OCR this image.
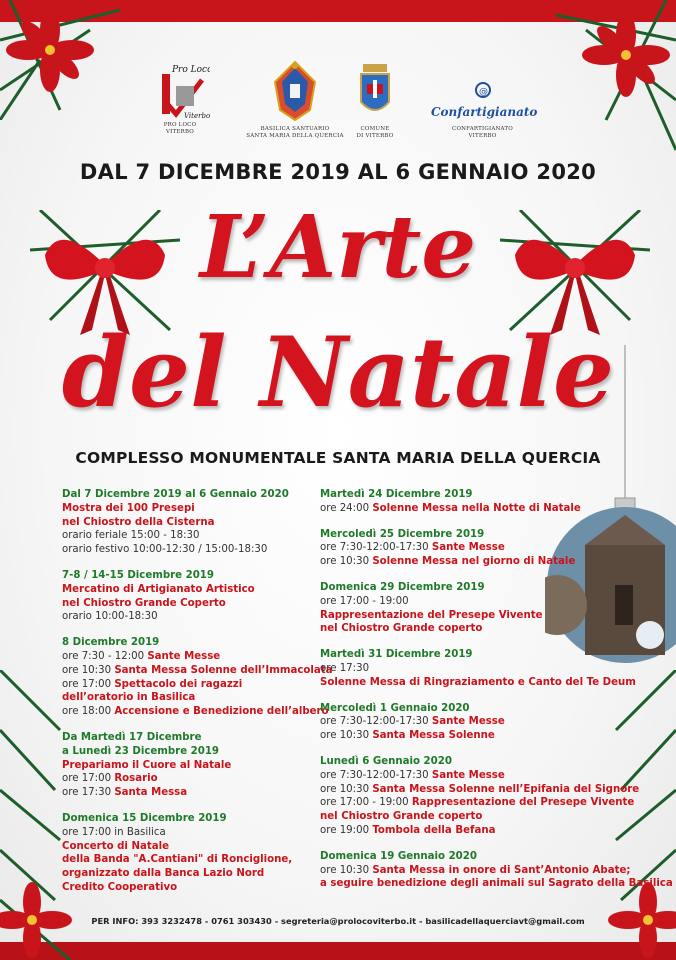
Pro Loco
Viterbo
PRO LOCO
VITERBO	BASILICA SANTUARIO
SANTA MARIA DELLA QUERCIA
COMUNE
DI VITERBO
@
Confartigianato
CONFARTIGIANATO
VITERBO
DAL 7 DICEMBRE 2019 AL 6 GENNAIO 2020
L’Arte
del Natale
COMPLESSO MONUMENTALE SANTA MARIA DELLA QUERCIA
Dal 7 Dicembre 2019 al 6 Gennaio 2020
Mostra dei 100 Presepi
nel Chiostro della Cisterna
orario feriale 15:00 - 18:30
orario festivo 10:00-12:30 / 15:00-18:30
7-8 / 14-15 Dicembre 2019
Mercatino di Artigianato Artistico
nel Chiostro Grande Coperto
orario 10:00-18:30
8 Dicembre 2019
ore 7:30 - 12:00 Sante Messe
ore 10:30 Santa Messa Solenne dell’Immacolata
ore 17:00 Spettacolo dei ragazzi
dell’oratorio in Basilica
ore 18:00 Accensione e Benedizione dell’albero
Da Martedì 17 Dicembre
a Lunedì 23 Dicembre 2019
Prepariamo il Cuore al Natale
ore 17:00 Rosario
ore 17:30 Santa Messa
Domenica 15 Dicembre 2019
ore 17:00 in Basilica
Concerto di Natale
della Banda "A.Cantiani" di Ronciglione,
organizzato dalla Banca Lazio Nord
Credito Cooperativo
Martedì 24 Dicembre 2019
ore 24:00 Solenne Messa nella Notte di Natale
Mercoledì 25 Dicembre 2019
ore 7:30-12:00-17:30 Sante Messe
ore 10:30 Solenne Messa nel giorno di Natale
Domenica 29 Dicembre 2019
ore 17:00 - 19:00
Rappresentazione del Presepe Vivente
nel Chiostro Grande coperto
Martedì 31 Dicembre 2019
ore 17:30
Solenne Messa di Ringraziamento e Canto del Te Deum
Mercoledì 1 Gennaio 2020
ore 7:30-12:00-17:30 Sante Messe
ore 10:30 Santa Messa Solenne
Lunedì 6 Gennaio 2020
ore 7:30-12:00-17:30 Sante Messe
ore 10:30 Santa Messa Solenne nell’Epifania del Signore
ore 17:00 - 19:00 Rappresentazione del Presepe Vivente
nel Chiostro Grande coperto
ore 19:00 Tombola della Befana
Domenica 19 Gennaio 2020
ore 10:30 Santa Messa in onore di Sant’Antonio Abate;
a seguire benedizione degli animali sul Sagrato della Basilica
PER INFO: 393 3232478 - 0761 303430 - segreteria@prolocoviterbo.it - basilicadellaquerciavt@gmail.com
